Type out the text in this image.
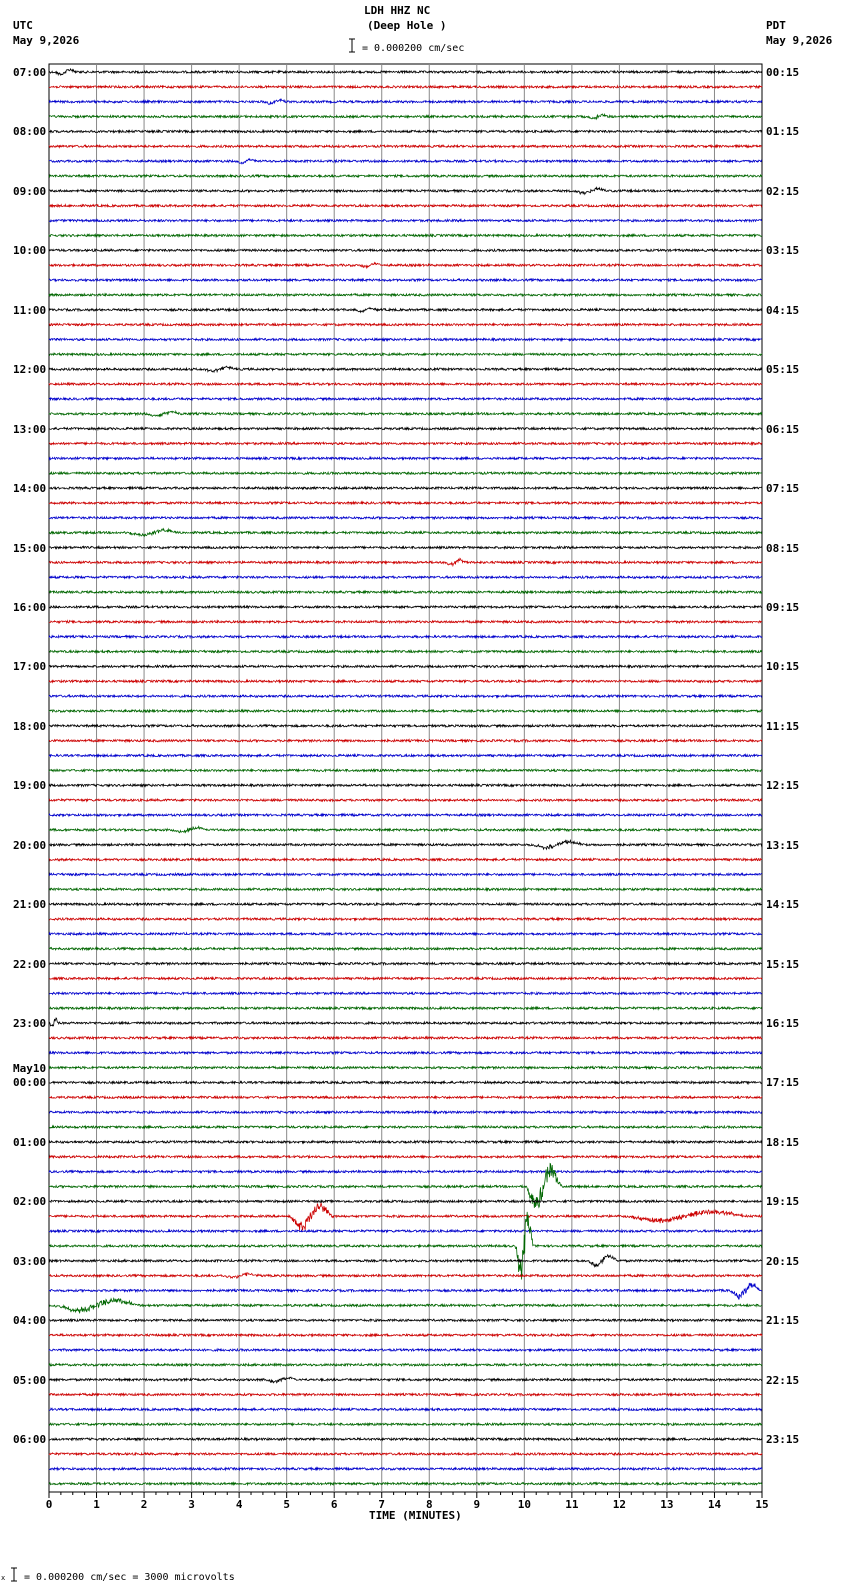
0	1	2	3	4	5	6	7	8	9	10	11	12	13	14	15
LDH HHZ NC
(Deep Hole )
UTC
May 9,2026
PDT
May 9,2026
= 0.000200 cm/sec
TIME (MINUTES)
x = 0.000200 cm/sec = 3000 microvolts
07:00
08:00
09:00
10:00
11:00
12:00
13:00
14:00
15:00
16:00
17:00
18:00
19:00
20:00
21:00
22:00
23:00
00:00
May10
01:00
02:00
03:00
04:00
05:00
06:00
00:15
01:15
02:15
03:15
04:15
05:15
06:15
07:15
08:15
09:15
10:15
11:15
12:15
13:15
14:15
15:15
16:15
17:15
18:15
19:15
20:15
21:15
22:15
23:15
